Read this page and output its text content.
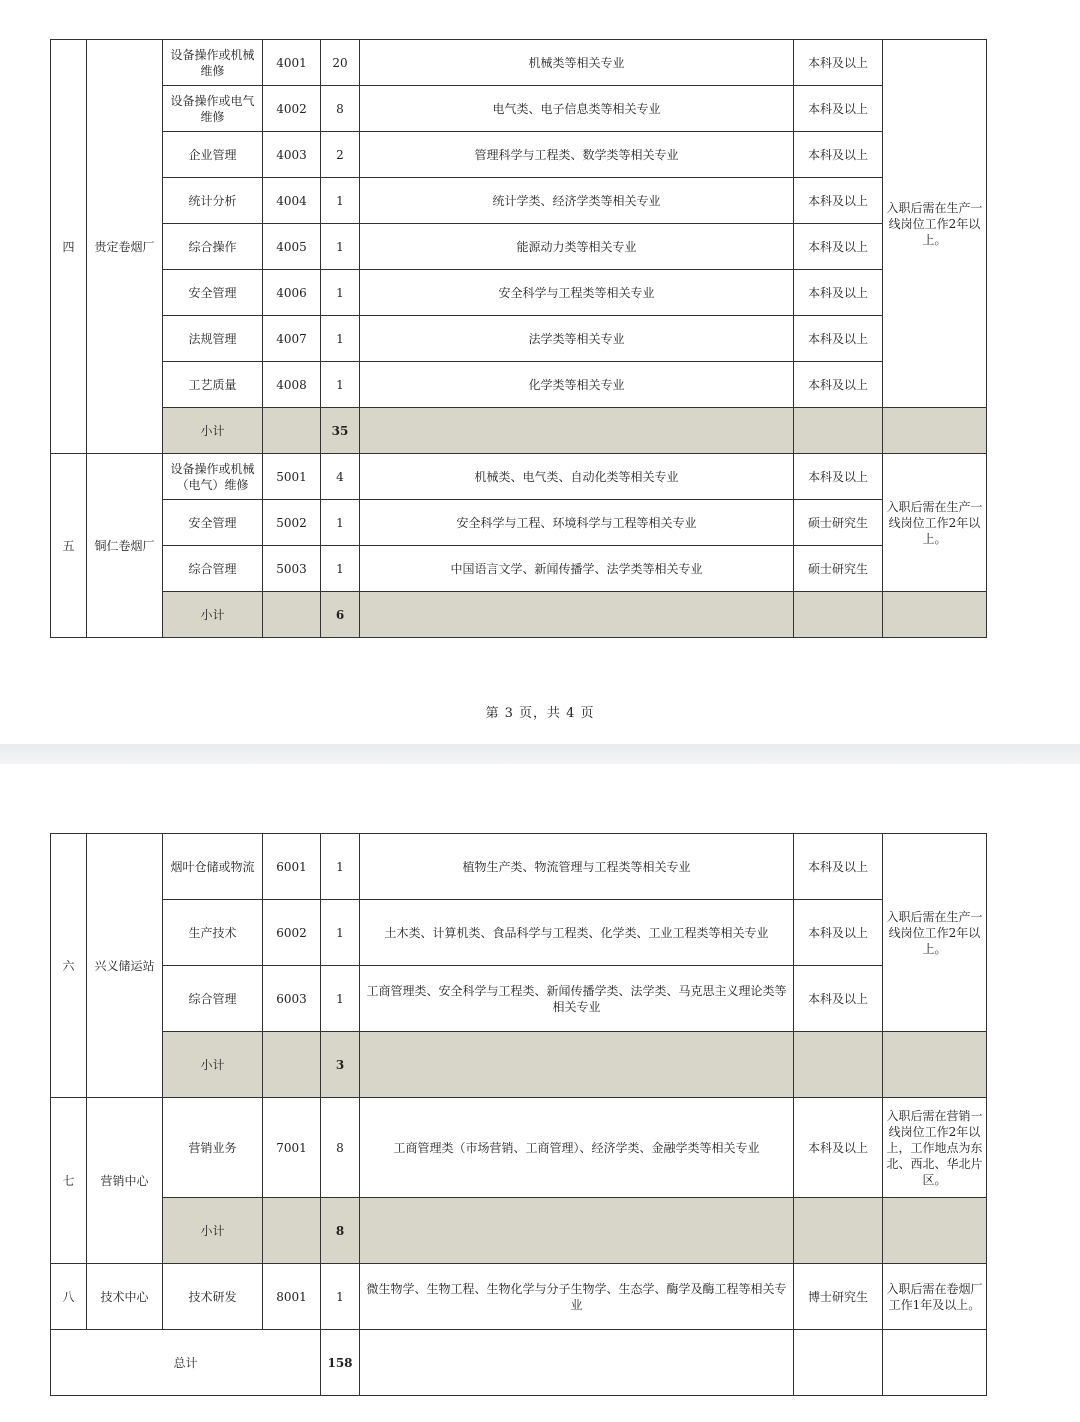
四	贵定卷烟厂	设备操作或机械维修	4001	20	机械类等相关专业	本科及以上	入职后需在生产一线岗位工作2年以上。
		设备操作或电气维修	4002	8	电气类、电子信息类等相关专业	本科及以上	
		企业管理	4003	2	管理科学与工程类、数学类等相关专业	本科及以上	
		统计分析	4004	1	统计学类、经济学类等相关专业	本科及以上	
		综合操作	4005	1	能源动力类等相关专业	本科及以上	
		安全管理	4006	1	安全科学与工程类等相关专业	本科及以上	
		法规管理	4007	1	法学类等相关专业	本科及以上	
		工艺质量	4008	1	化学类等相关专业	本科及以上	
		小计		35			
五	铜仁卷烟厂	设备操作或机械（电气）维修	5001	4	机械类、电气类、自动化类等相关专业	本科及以上	入职后需在生产一线岗位工作2年以上。
		安全管理	5002	1	安全科学与工程、环境科学与工程等相关专业	硕士研究生	
		综合管理	5003	1	中国语言文学、新闻传播学、法学类等相关专业	硕士研究生	
		小计		6			
第 3 页，共 4 页
六	兴义储运站	烟叶仓储或物流	6001	1	植物生产类、物流管理与工程类等相关专业	本科及以上	入职后需在生产一线岗位工作2年以上。
		生产技术	6002	1	土木类、计算机类、食品科学与工程类、化学类、工业工程类等相关专业	本科及以上	
		综合管理	6003	1	工商管理类、安全科学与工程类、新闻传播学类、法学类、马克思主义理论类等相关专业	本科及以上	
		小计		3			
七	营销中心	营销业务	7001	8	工商管理类（市场营销、工商管理）、经济学类、金融学类等相关专业	本科及以上	入职后需在营销一线岗位工作2年以上，工作地点为东北、西北、华北片区。
		小计		8			
八	技术中心	技术研发	8001	1	微生物学、生物工程、生物化学与分子生物学、生态学、酶学及酶工程等相关专业	博士研究生	入职后需在卷烟厂工作1年及以上。
总计				158			
